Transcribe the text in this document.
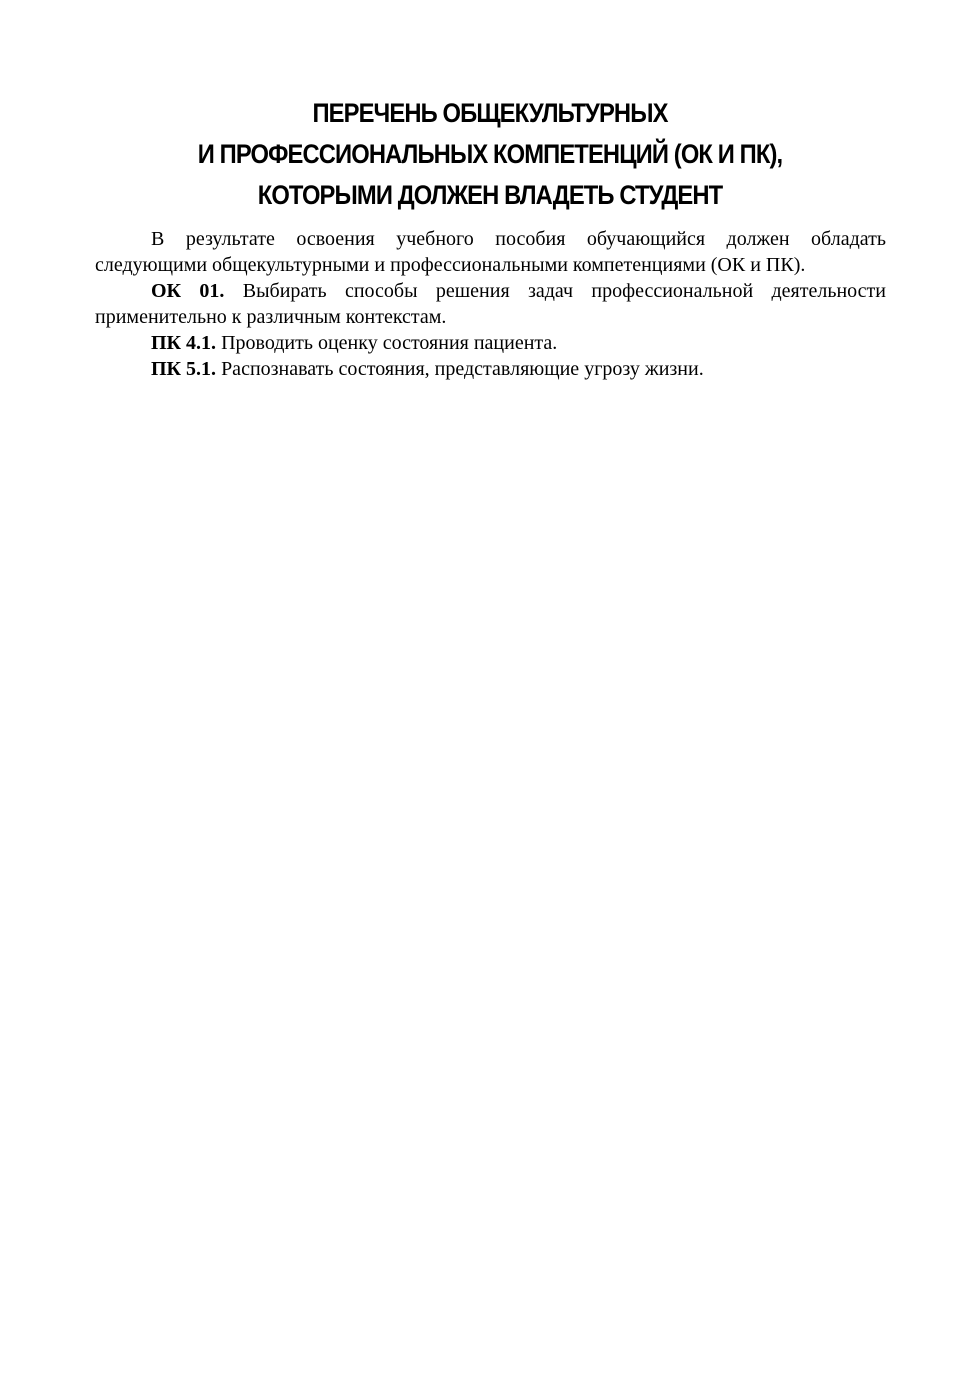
ПЕРЕЧЕНЬ ОБЩЕКУЛЬТУРНЫХ
И ПРОФЕССИОНАЛЬНЫХ КОМПЕТЕНЦИЙ (ОК И ПК),
КОТОРЫМИ ДОЛЖЕН ВЛАДЕТЬ СТУДЕНТ

В результате освоения учебного пособия обучающийся должен обладать следующими общекультурными и профессиональными компетенциями (ОК и ПК).

ОК 01. Выбирать способы решения задач профессиональной деятельности применительно к различным контекстам.

ПК 4.1. Проводить оценку состояния пациента.

ПК 5.1. Распознавать состояния, представляющие угрозу жизни.
